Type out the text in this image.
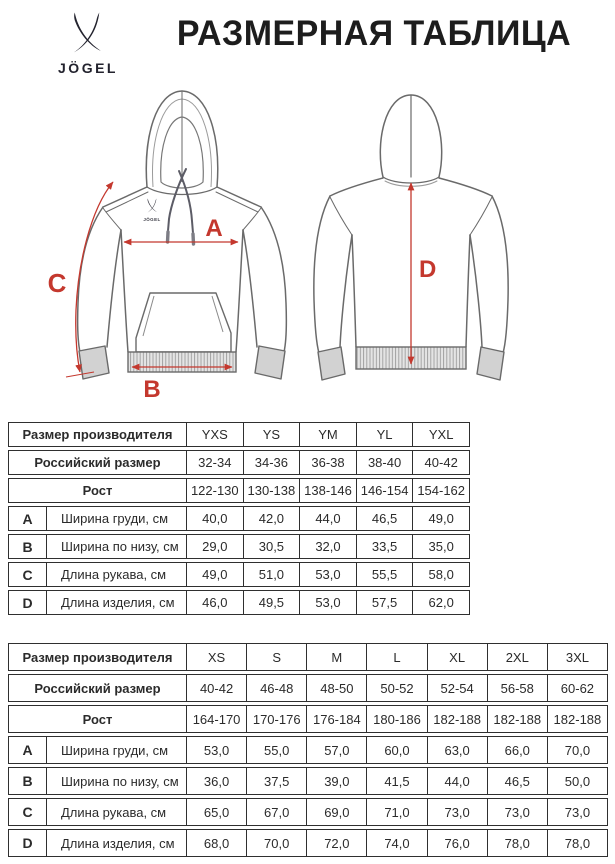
JÖGEL
РАЗМЕРНАЯ ТАБЛИЦА
JÖGEL A
B
C	D
Размер производителя	YXS	YS	YM	YL	YXL
Российский размер	32-34	34-36	36-38	38-40	40-42
Рост	122-130 130-138 138-146 146-154 154-162
A	Ширина груди, см	40,0	42,0	44,0	46,5	49,0
B	Ширина по низу, см	29,0	30,5	32,0	33,5	35,0
C	Длина рукава, см	49,0	51,0	53,0	55,5	58,0
D	Длина изделия, см	46,0	49,5	53,0	57,5	62,0
Размер производителя	XS	S	M	L	XL	2XL	3XL
Российский размер	40-42	46-48	48-50	50-52	52-54	56-58	60-62
Рост	164-170 170-176 176-184 180-186 182-188 182-188 182-188
A	Ширина груди, см	53,0	55,0	57,0	60,0	63,0	66,0	70,0
B	Ширина по низу, см	36,0	37,5	39,0	41,5	44,0	46,5	50,0
C	Длина рукава, см	65,0	67,0	69,0	71,0	73,0	73,0	73,0
D	Длина изделия, см	68,0	70,0	72,0	74,0	76,0	78,0	78,0
